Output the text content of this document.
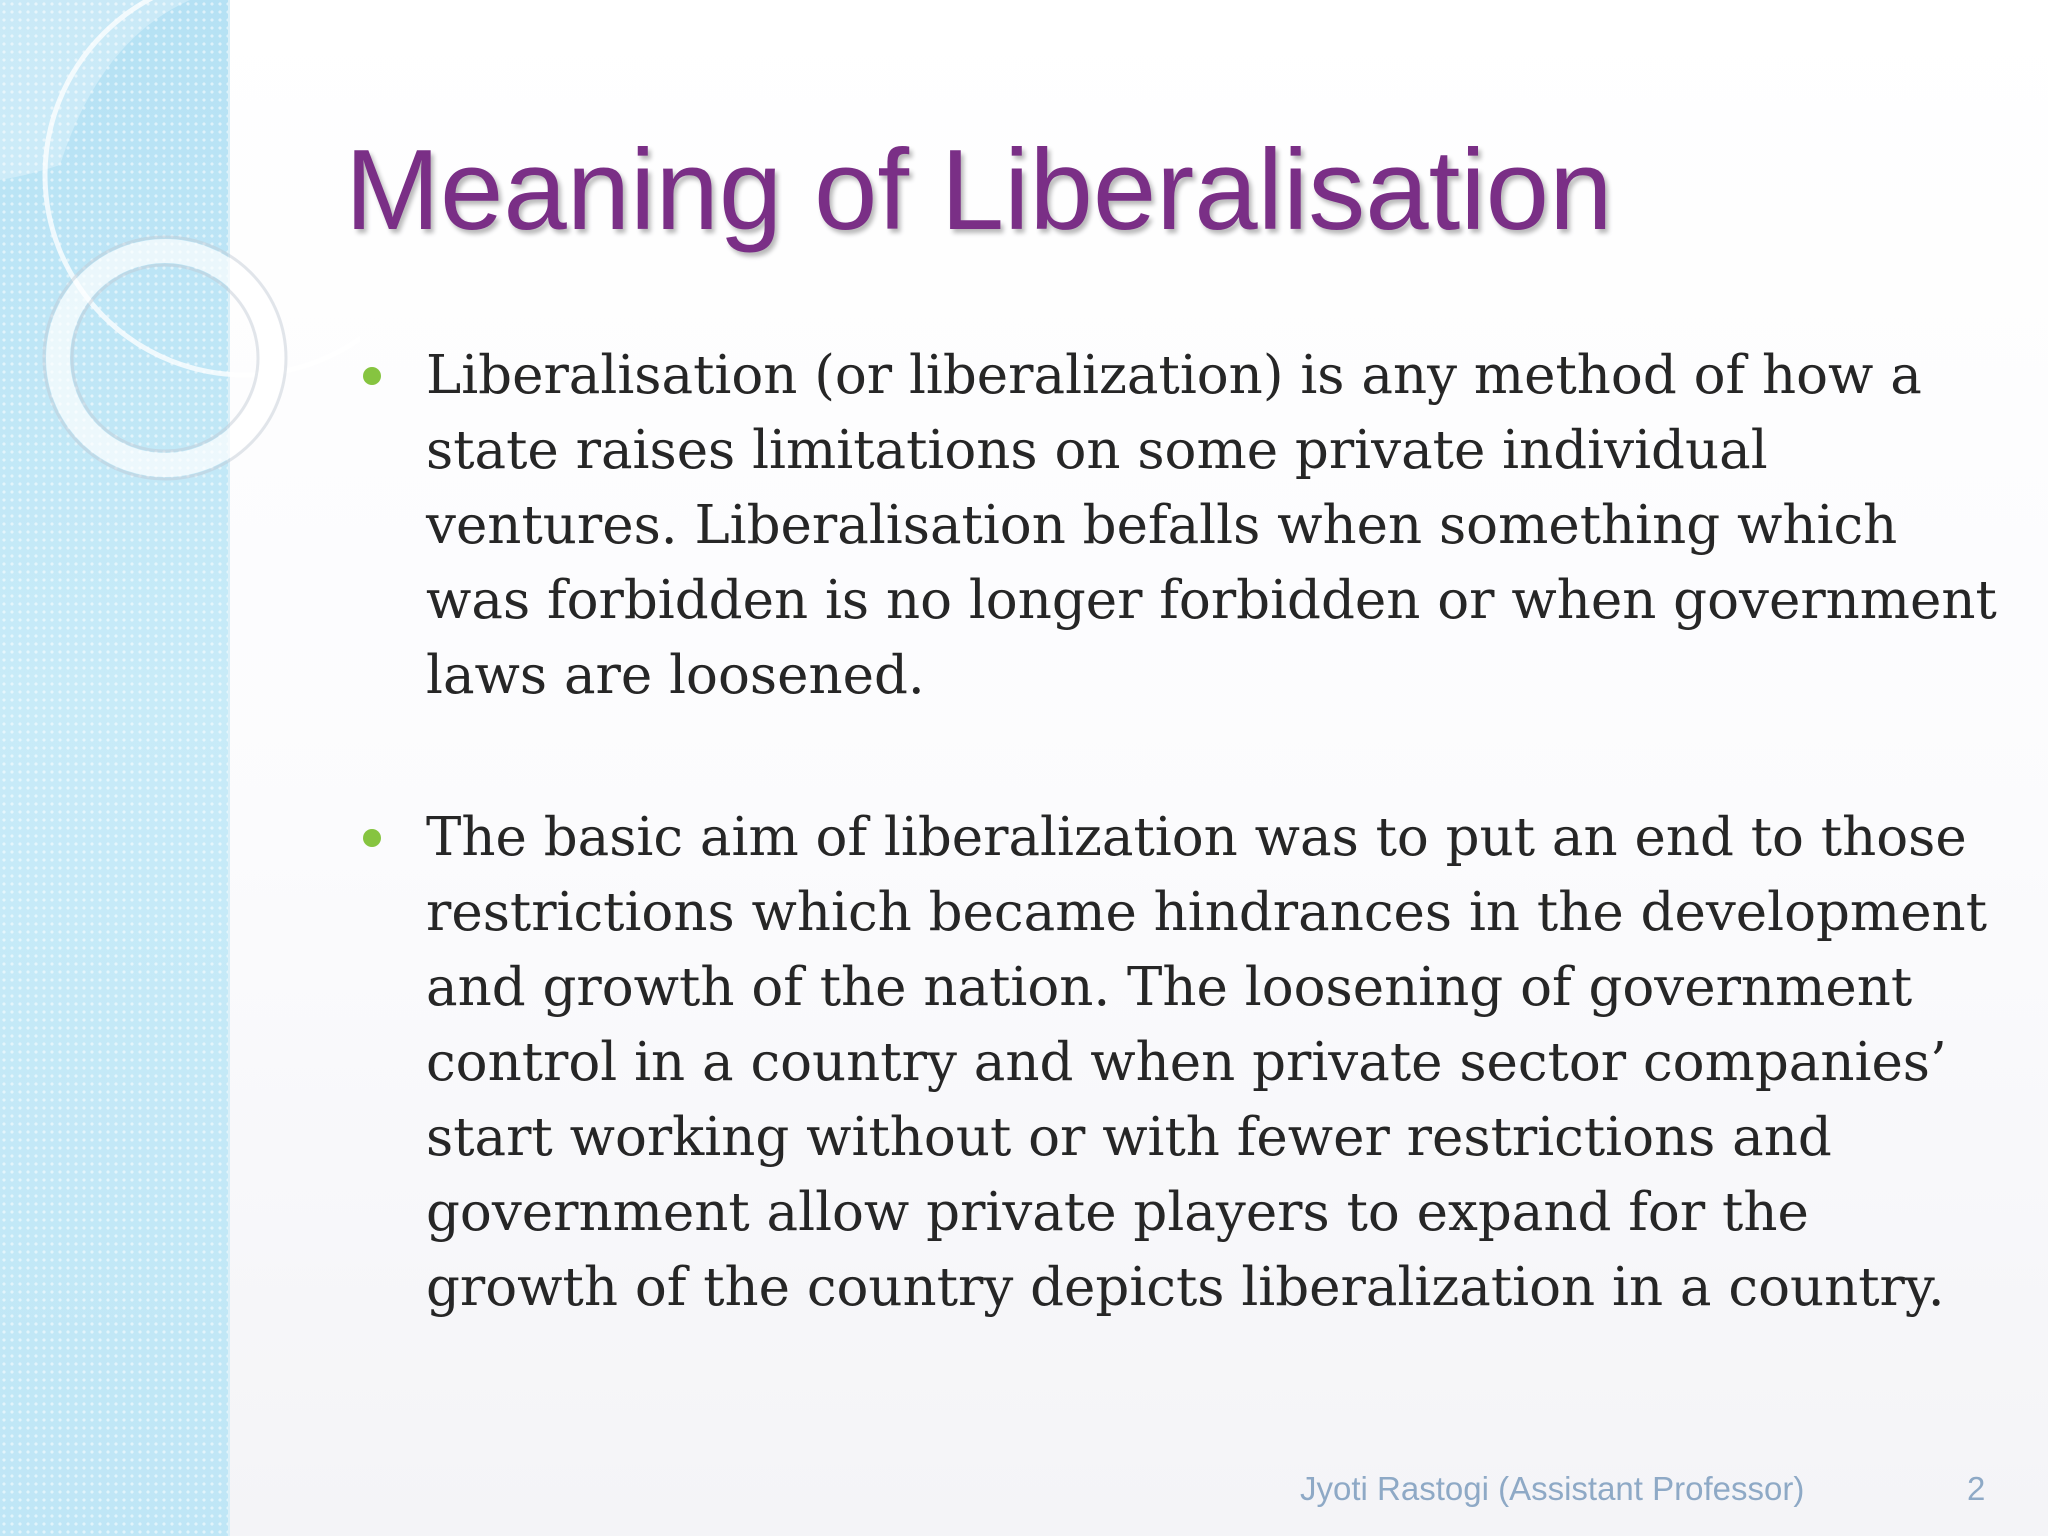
Meaning of Liberalisation
Liberalisation (or liberalization) is any method of how a state raises limitations on some private individual ventures. Liberalisation befalls when something which was forbidden is no longer forbidden or when government laws are loosened.
The basic aim of liberalization was to put an end to those restrictions which became hindrances in the development and growth of the nation. The loosening of government control in a country and when private sector companies’ start working without or with fewer restrictions and government allow private players to expand for the growth of the country depicts liberalization in a country.
Jyoti Rastogi (Assistant Professor)	2
